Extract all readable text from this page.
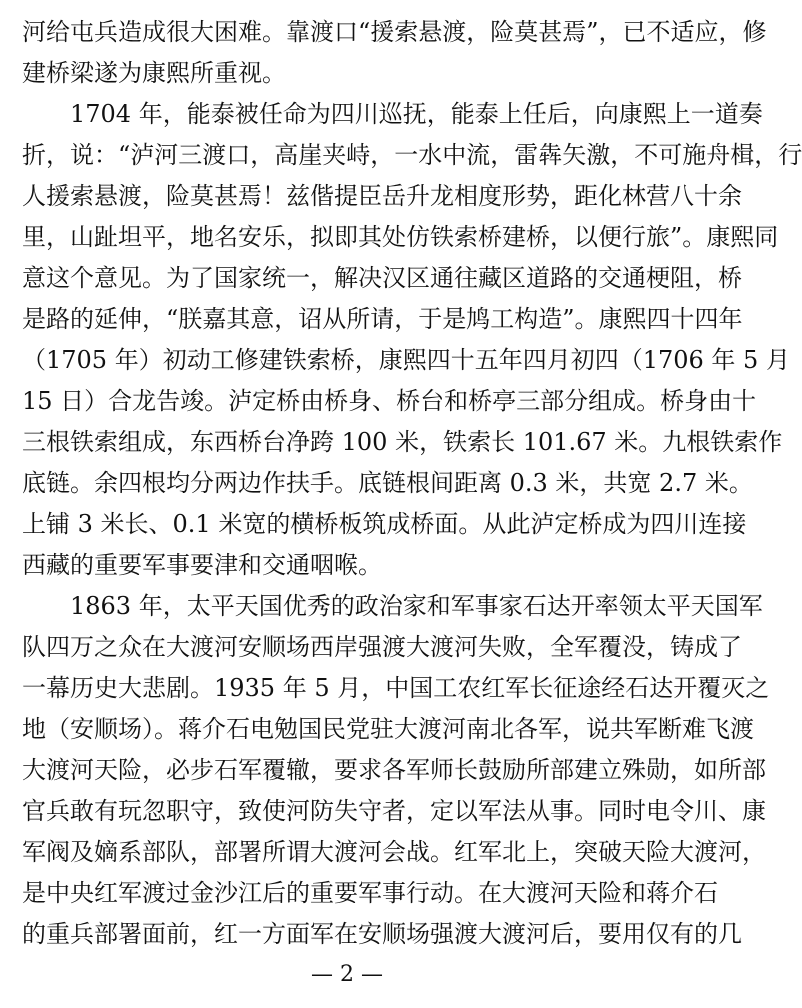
河给屯兵造成很大困难。靠渡口“援索悬渡，险莫甚焉”，已不适应，修
建桥梁遂为康熙所重视。
　　1704 年，能泰被任命为四川巡抚，能泰上任后，向康熙上一道奏
折，说：“泸河三渡口，高崖夹峙，一水中流，雷犇矢激，不可施舟楫，行
人援索悬渡，险莫甚焉！兹偕提臣岳升龙相度形势，距化林营八十余
里，山趾坦平，地名安乐，拟即其处仿铁索桥建桥，以便行旅”。康熙同
意这个意见。为了国家统一，解决汉区通往藏区道路的交通梗阻，桥
是路的延伸，“朕嘉其意，诏从所请，于是鸠工构造”。康熙四十四年
（1705 年）初动工修建铁索桥，康熙四十五年四月初四（1706 年 5 月
15 日）合龙告竣。泸定桥由桥身、桥台和桥亭三部分组成。桥身由十
三根铁索组成，东西桥台净跨 100 米，铁索长 101.67 米。九根铁索作
底链。余四根均分两边作扶手。底链根间距离 0.3 米，共宽 2.7 米。
上铺 3 米长、0.1 米宽的横桥板筑成桥面。从此泸定桥成为四川连接
西藏的重要军事要津和交通咽喉。
　　1863 年，太平天国优秀的政治家和军事家石达开率领太平天国军
队四万之众在大渡河安顺场西岸强渡大渡河失败，全军覆没，铸成了
一幕历史大悲剧。1935 年 5 月，中国工农红军长征途经石达开覆灭之
地（安顺场）。蒋介石电勉国民党驻大渡河南北各军，说共军断难飞渡
大渡河天险，必步石军覆辙，要求各军师长鼓励所部建立殊勋，如所部
官兵敢有玩忽职守，致使河防失守者，定以军法从事。同时电令川、康
军阀及嫡系部队，部署所谓大渡河会战。红军北上，突破天险大渡河，
是中央红军渡过金沙江后的重要军事行动。在大渡河天险和蒋介石
的重兵部署面前，红一方面军在安顺场强渡大渡河后，要用仅有的几
— 2 —
